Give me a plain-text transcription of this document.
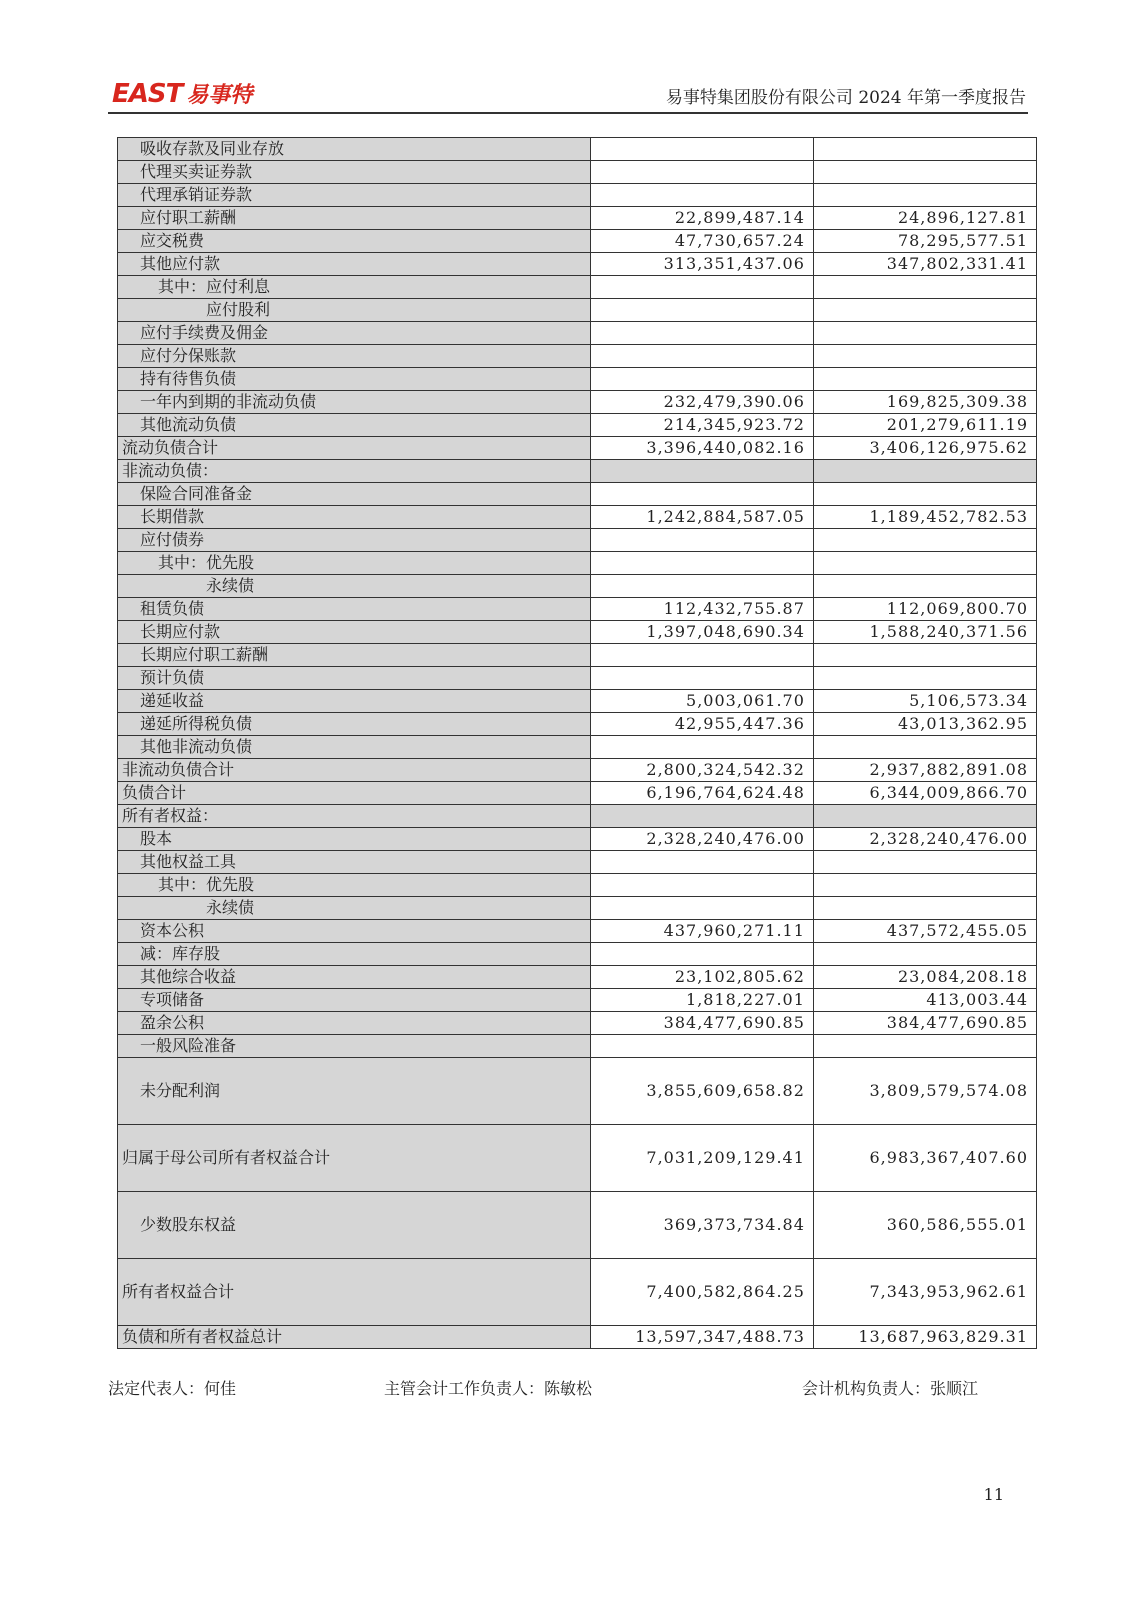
EAST 易事特	易事特集团股份有限公司 2024 年第一季度报告
吸收存款及同业存放		
代理买卖证券款		
代理承销证券款		
应付职工薪酬	22,899,487.14	24,896,127.81
应交税费	47,730,657.24	78,295,577.51
其他应付款	313,351,437.06	347,802,331.41
其中：应付利息		
应付股利		
应付手续费及佣金		
应付分保账款		
持有待售负债		
一年内到期的非流动负债	232,479,390.06	169,825,309.38
其他流动负债	214,345,923.72	201,279,611.19
流动负债合计	3,396,440,082.16	3,406,126,975.62
非流动负债：		
保险合同准备金		
长期借款	1,242,884,587.05	1,189,452,782.53
应付债券		
其中：优先股		
永续债		
租赁负债	112,432,755.87	112,069,800.70
长期应付款	1,397,048,690.34	1,588,240,371.56
长期应付职工薪酬		
预计负债		
递延收益	5,003,061.70	5,106,573.34
递延所得税负债	42,955,447.36	43,013,362.95
其他非流动负债		
非流动负债合计	2,800,324,542.32	2,937,882,891.08
负债合计	6,196,764,624.48	6,344,009,866.70
所有者权益：		
股本	2,328,240,476.00	2,328,240,476.00
其他权益工具		
其中：优先股		
永续债		
资本公积	437,960,271.11	437,572,455.05
减：库存股		
其他综合收益	23,102,805.62	23,084,208.18
专项储备	1,818,227.01	413,003.44
盈余公积	384,477,690.85	384,477,690.85
一般风险准备		
未分配利润	3,855,609,658.82	3,809,579,574.08
归属于母公司所有者权益合计	7,031,209,129.41	6,983,367,407.60
少数股东权益	369,373,734.84	360,586,555.01
所有者权益合计	7,400,582,864.25	7,343,953,962.61
负债和所有者权益总计	13,597,347,488.73	13,687,963,829.31
法定代表人：何佳	主管会计工作负责人：陈敏松	会计机构负责人：张顺江
11
